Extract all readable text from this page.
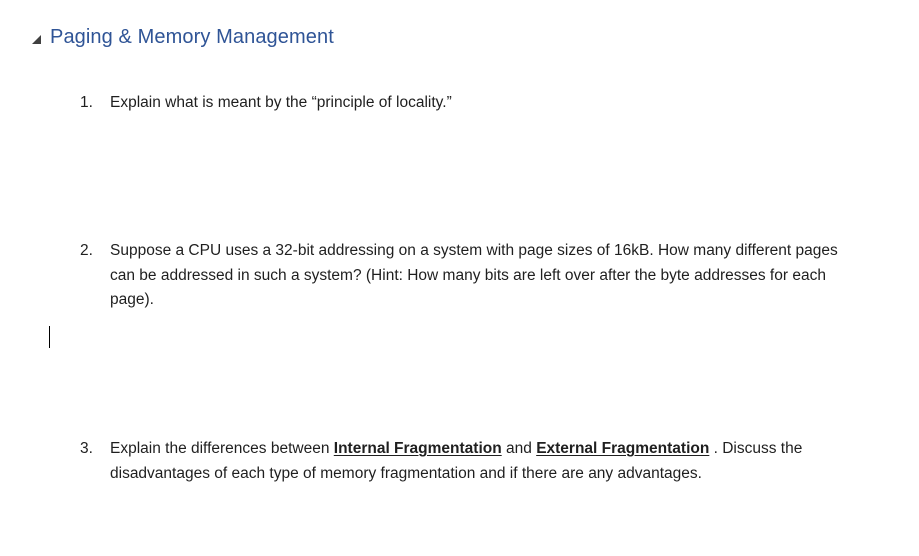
Paging & Memory Management
1. Explain what is meant by the “principle of locality.”
2. Suppose a CPU uses a 32-bit addressing on a system with page sizes of 16kB. How many different pages can be addressed in such a system? (Hint: How many bits are left over after the byte addresses for each page).
3. Explain the differences between Internal Fragmentation and External Fragmentation . Discuss the disadvantages of each type of memory fragmentation and if there are any advantages.
